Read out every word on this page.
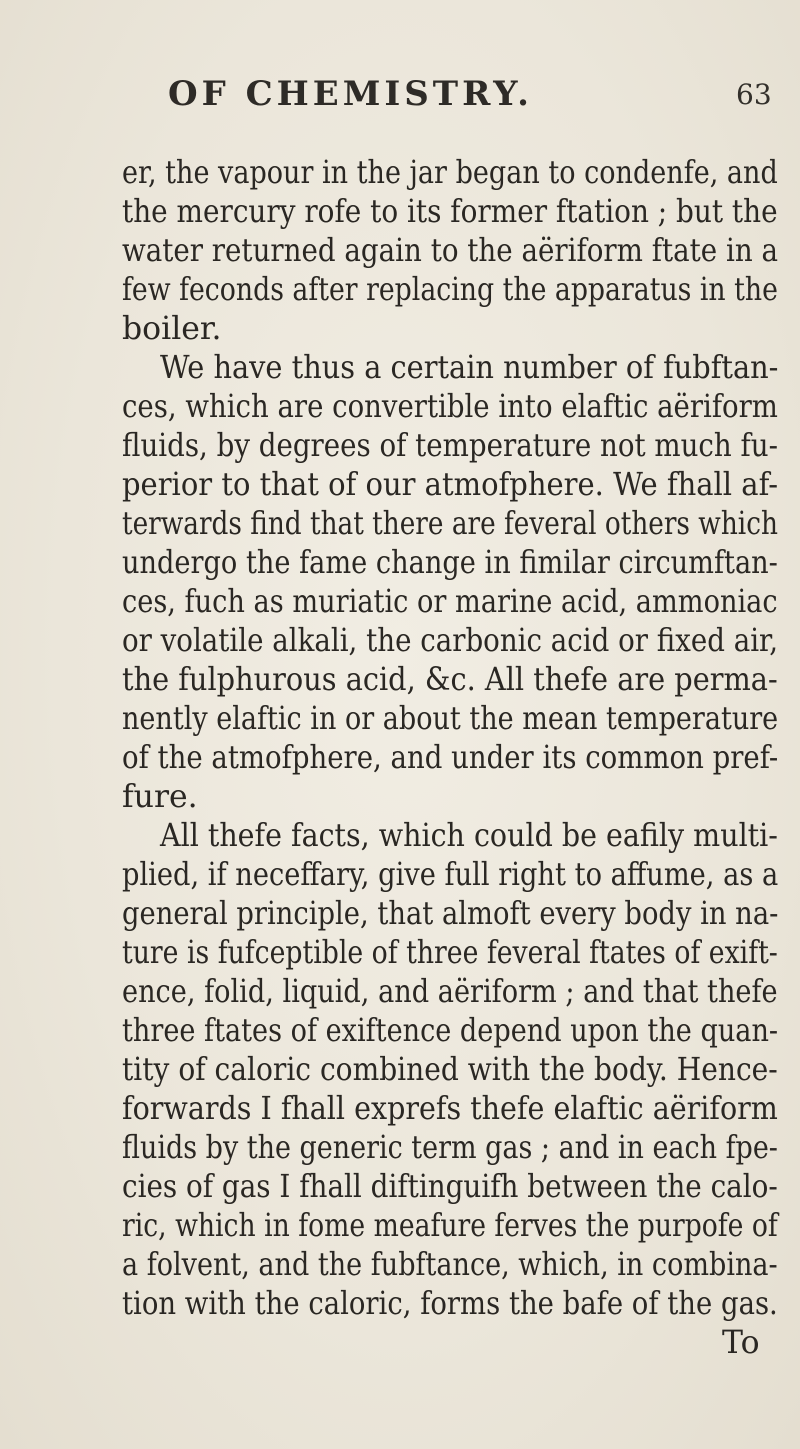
OF CHEMISTRY.	63
er, the vapour in the jar began to condenfe, and
the mercury rofe to its former ftation ; but the
water returned again to the aëriform ftate in a
few feconds after replacing the apparatus in the
boiler.
We have thus a certain number of fubftan-
ces, which are convertible into elaftic aëriform
fluids, by degrees of temperature not much fu-
perior to that of our atmofphere. We fhall af-
terwards find that there are feveral others which
undergo the fame change in fimilar circumftan-
ces, fuch as muriatic or marine acid, ammoniac
or volatile alkali, the carbonic acid or fixed air,
the fulphurous acid, &c. All thefe are perma-
nently elaftic in or about the mean temperature
of the atmofphere, and under its common pref-
fure.
All thefe facts, which could be eafily multi-
plied, if neceffary, give full right to affume, as a
general principle, that almoft every body in na-
ture is fufceptible of three feveral ftates of exift-
ence, folid, liquid, and aëriform ; and that thefe
three ftates of exiftence depend upon the quan-
tity of caloric combined with the body. Hence-
forwards I fhall exprefs thefe elaftic aëriform
fluids by the generic term gas ; and in each fpe-
cies of gas I fhall diftinguifh between the calo-
ric, which in fome meafure ferves the purpofe of
a folvent, and the fubftance, which, in combina-
tion with the caloric, forms the bafe of the gas.
To
